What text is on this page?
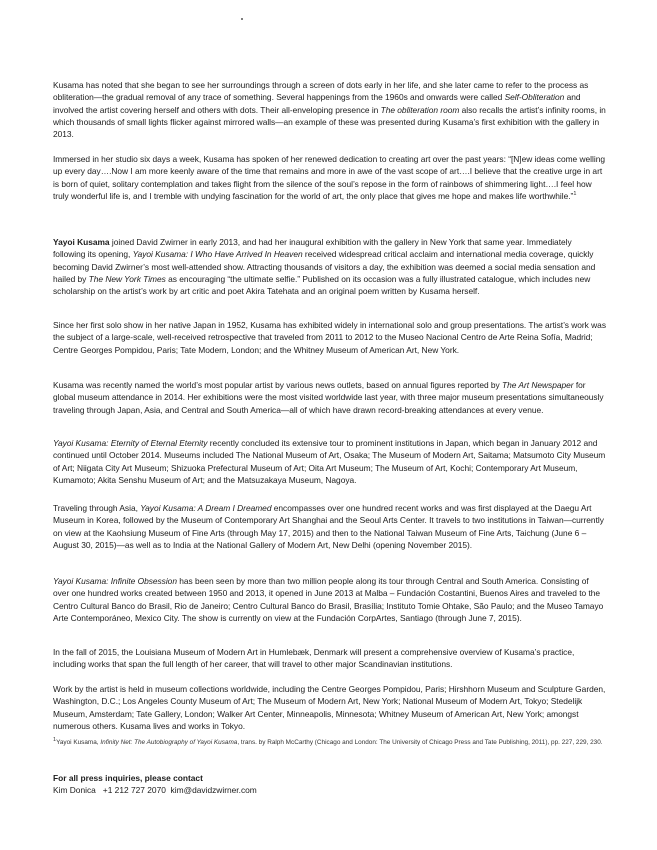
Kusama has noted that she began to see her surroundings through a screen of dots early in her life, and she later came to refer to the process as obliteration—the gradual removal of any trace of something. Several happenings from the 1960s and onwards were called Self-Obliteration and involved the artist covering herself and others with dots. Their all-enveloping presence in The obliteration room also recalls the artist’s infinity rooms, in which thousands of small lights flicker against mirrored walls—an example of these was presented during Kusama’s first exhibition with the gallery in 2013.

Immersed in her studio six days a week, Kusama has spoken of her renewed dedication to creating art over the past years: “[N]ew ideas come welling up every day….Now I am more keenly aware of the time that remains and more in awe of the vast scope of art….I believe that the creative urge in art is born of quiet, solitary contemplation and takes flight from the silence of the soul’s repose in the form of rainbows of shimmering light….I feel how truly wonderful life is, and I tremble with undying fascination for the world of art, the only place that gives me hope and makes life worthwhile.”$^1$

Yayoi Kusama joined David Zwirner in early 2013, and had her inaugural exhibition with the gallery in New York that same year. Immediately following its opening, Yayoi Kusama: I Who Have Arrived In Heaven received widespread critical acclaim and international media coverage, quickly becoming David Zwirner’s most well-attended show. Attracting thousands of visitors a day, the exhibition was deemed a social media sensation and hailed by The New York Times as encouraging “the ultimate selfie.” Published on its occasion was a fully illustrated catalogue, which includes new scholarship on the artist’s work by art critic and poet Akira Tatehata and an original poem written by Kusama herself.

Since her first solo show in her native Japan in 1952, Kusama has exhibited widely in international solo and group presentations. The artist’s work was the subject of a large-scale, well-received retrospective that traveled from 2011 to 2012 to the Museo Nacional Centro de Arte Reina Sofía, Madrid; Centre Georges Pompidou, Paris; Tate Modern, London; and the Whitney Museum of American Art, New York.

Kusama was recently named the world’s most popular artist by various news outlets, based on annual figures reported by The Art Newspaper for global museum attendance in 2014. Her exhibitions were the most visited worldwide last year, with three major museum presentations simultaneously traveling through Japan, Asia, and Central and South America—all of which have drawn record-breaking attendances at every venue.

Yayoi Kusama: Eternity of Eternal Eternity recently concluded its extensive tour to prominent institutions in Japan, which began in January 2012 and continued until October 2014. Museums included The National Museum of Art, Osaka; The Museum of Modern Art, Saitama; Matsumoto City Museum of Art; Niigata City Art Museum; Shizuoka Prefectural Museum of Art; Oita Art Museum; The Museum of Art, Kochi; Contemporary Art Museum, Kumamoto; Akita Senshu Museum of Art; and the Matsuzakaya Museum, Nagoya.

Traveling through Asia, Yayoi Kusama: A Dream I Dreamed encompasses over one hundred recent works and was first displayed at the Daegu Art Museum in Korea, followed by the Museum of Contemporary Art Shanghai and the Seoul Arts Center. It travels to two institutions in Taiwan—currently on view at the Kaohsiung Museum of Fine Arts (through May 17, 2015) and then to the National Taiwan Museum of Fine Arts, Taichung (June 6 – August 30, 2015)—as well as to India at the National Gallery of Modern Art, New Delhi (opening November 2015).

Yayoi Kusama: Infinite Obsession has been seen by more than two million people along its tour through Central and South America. Consisting of over one hundred works created between 1950 and 2013, it opened in June 2013 at Malba – Fundación Costantini, Buenos Aires and traveled to the Centro Cultural Banco do Brasil, Rio de Janeiro; Centro Cultural Banco do Brasil, Brasília; Instituto Tomie Ohtake, São Paulo; and the Museo Tamayo Arte Contemporáneo, Mexico City. The show is currently on view at the Fundación CorpArtes, Santiago (through June 7, 2015).

In the fall of 2015, the Louisiana Museum of Modern Art in Humlebæk, Denmark will present a comprehensive overview of Kusama’s practice, including works that span the full length of her career, that will travel to other major Scandinavian institutions.

Work by the artist is held in museum collections worldwide, including the Centre Georges Pompidou, Paris; Hirshhorn Museum and Sculpture Garden, Washington, D.C.; Los Angeles County Museum of Art; The Museum of Modern Art, New York; National Museum of Modern Art, Tokyo; Stedelijk Museum, Amsterdam; Tate Gallery, London; Walker Art Center, Minneapolis, Minnesota; Whitney Museum of American Art, New York; amongst numerous others. Kusama lives and works in Tokyo.

$^1$Yayoi Kusama, Infinity Net: The Autobiography of Yayoi Kusama, trans. by Ralph McCarthy (Chicago and London: The University of Chicago Press and Tate Publishing, 2011), pp. 227, 229, 230.

For all press inquiries, please contact

Kim Donica   +1 212 727 2070  kim@davidzwirner.com
